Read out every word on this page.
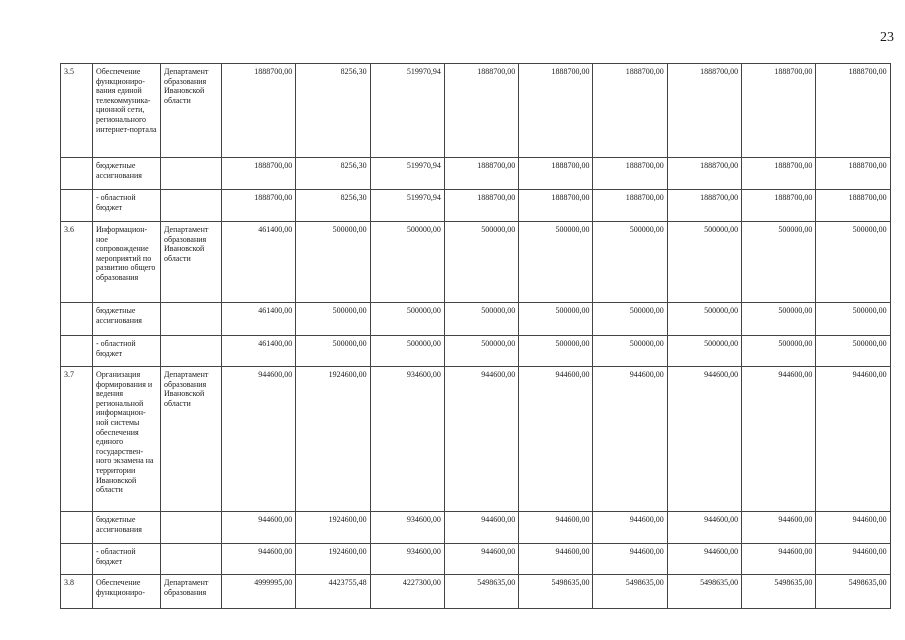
23
3.5	Обеспечение функциониро-вания единой телекоммуника-ционной сети, регионального интернет-портала	Департамент образования Ивановской области	1888700,00	8256,30	519970,94	1888700,00	1888700,00	1888700,00	1888700,00	1888700,00	1888700,00
	бюджетные ассигнования		1888700,00	8256,30	519970,94	1888700,00	1888700,00	1888700,00	1888700,00	1888700,00	1888700,00
	- областной бюджет		1888700,00	8256,30	519970,94	1888700,00	1888700,00	1888700,00	1888700,00	1888700,00	1888700,00
3.6	Информацион-ное сопровождение мероприятий по развитию общего образования	Департамент образования Ивановской области	461400,00	500000,00	500000,00	500000,00	500000,00	500000,00	500000,00	500000,00	500000,00
	бюджетные ассигнования		461400,00	500000,00	500000,00	500000,00	500000,00	500000,00	500000,00	500000,00	500000,00
	- областной бюджет		461400,00	500000,00	500000,00	500000,00	500000,00	500000,00	500000,00	500000,00	500000,00
3.7	Организация формирования и ведения региональной информацион-ной системы обеспечения единого государствен-ного экзамена на территории Ивановской области	Департамент образования Ивановской области	944600,00	1924600,00	934600,00	944600,00	944600,00	944600,00	944600,00	944600,00	944600,00
	бюджетные ассигнования		944600,00	1924600,00	934600,00	944600,00	944600,00	944600,00	944600,00	944600,00	944600,00
	- областной бюджет		944600,00	1924600,00	934600,00	944600,00	944600,00	944600,00	944600,00	944600,00	944600,00
3.8	Обеспечение функциониро-	Департамент образования	4999995,00	4423755,48	4227300,00	5498635,00	5498635,00	5498635,00	5498635,00	5498635,00	5498635,00
